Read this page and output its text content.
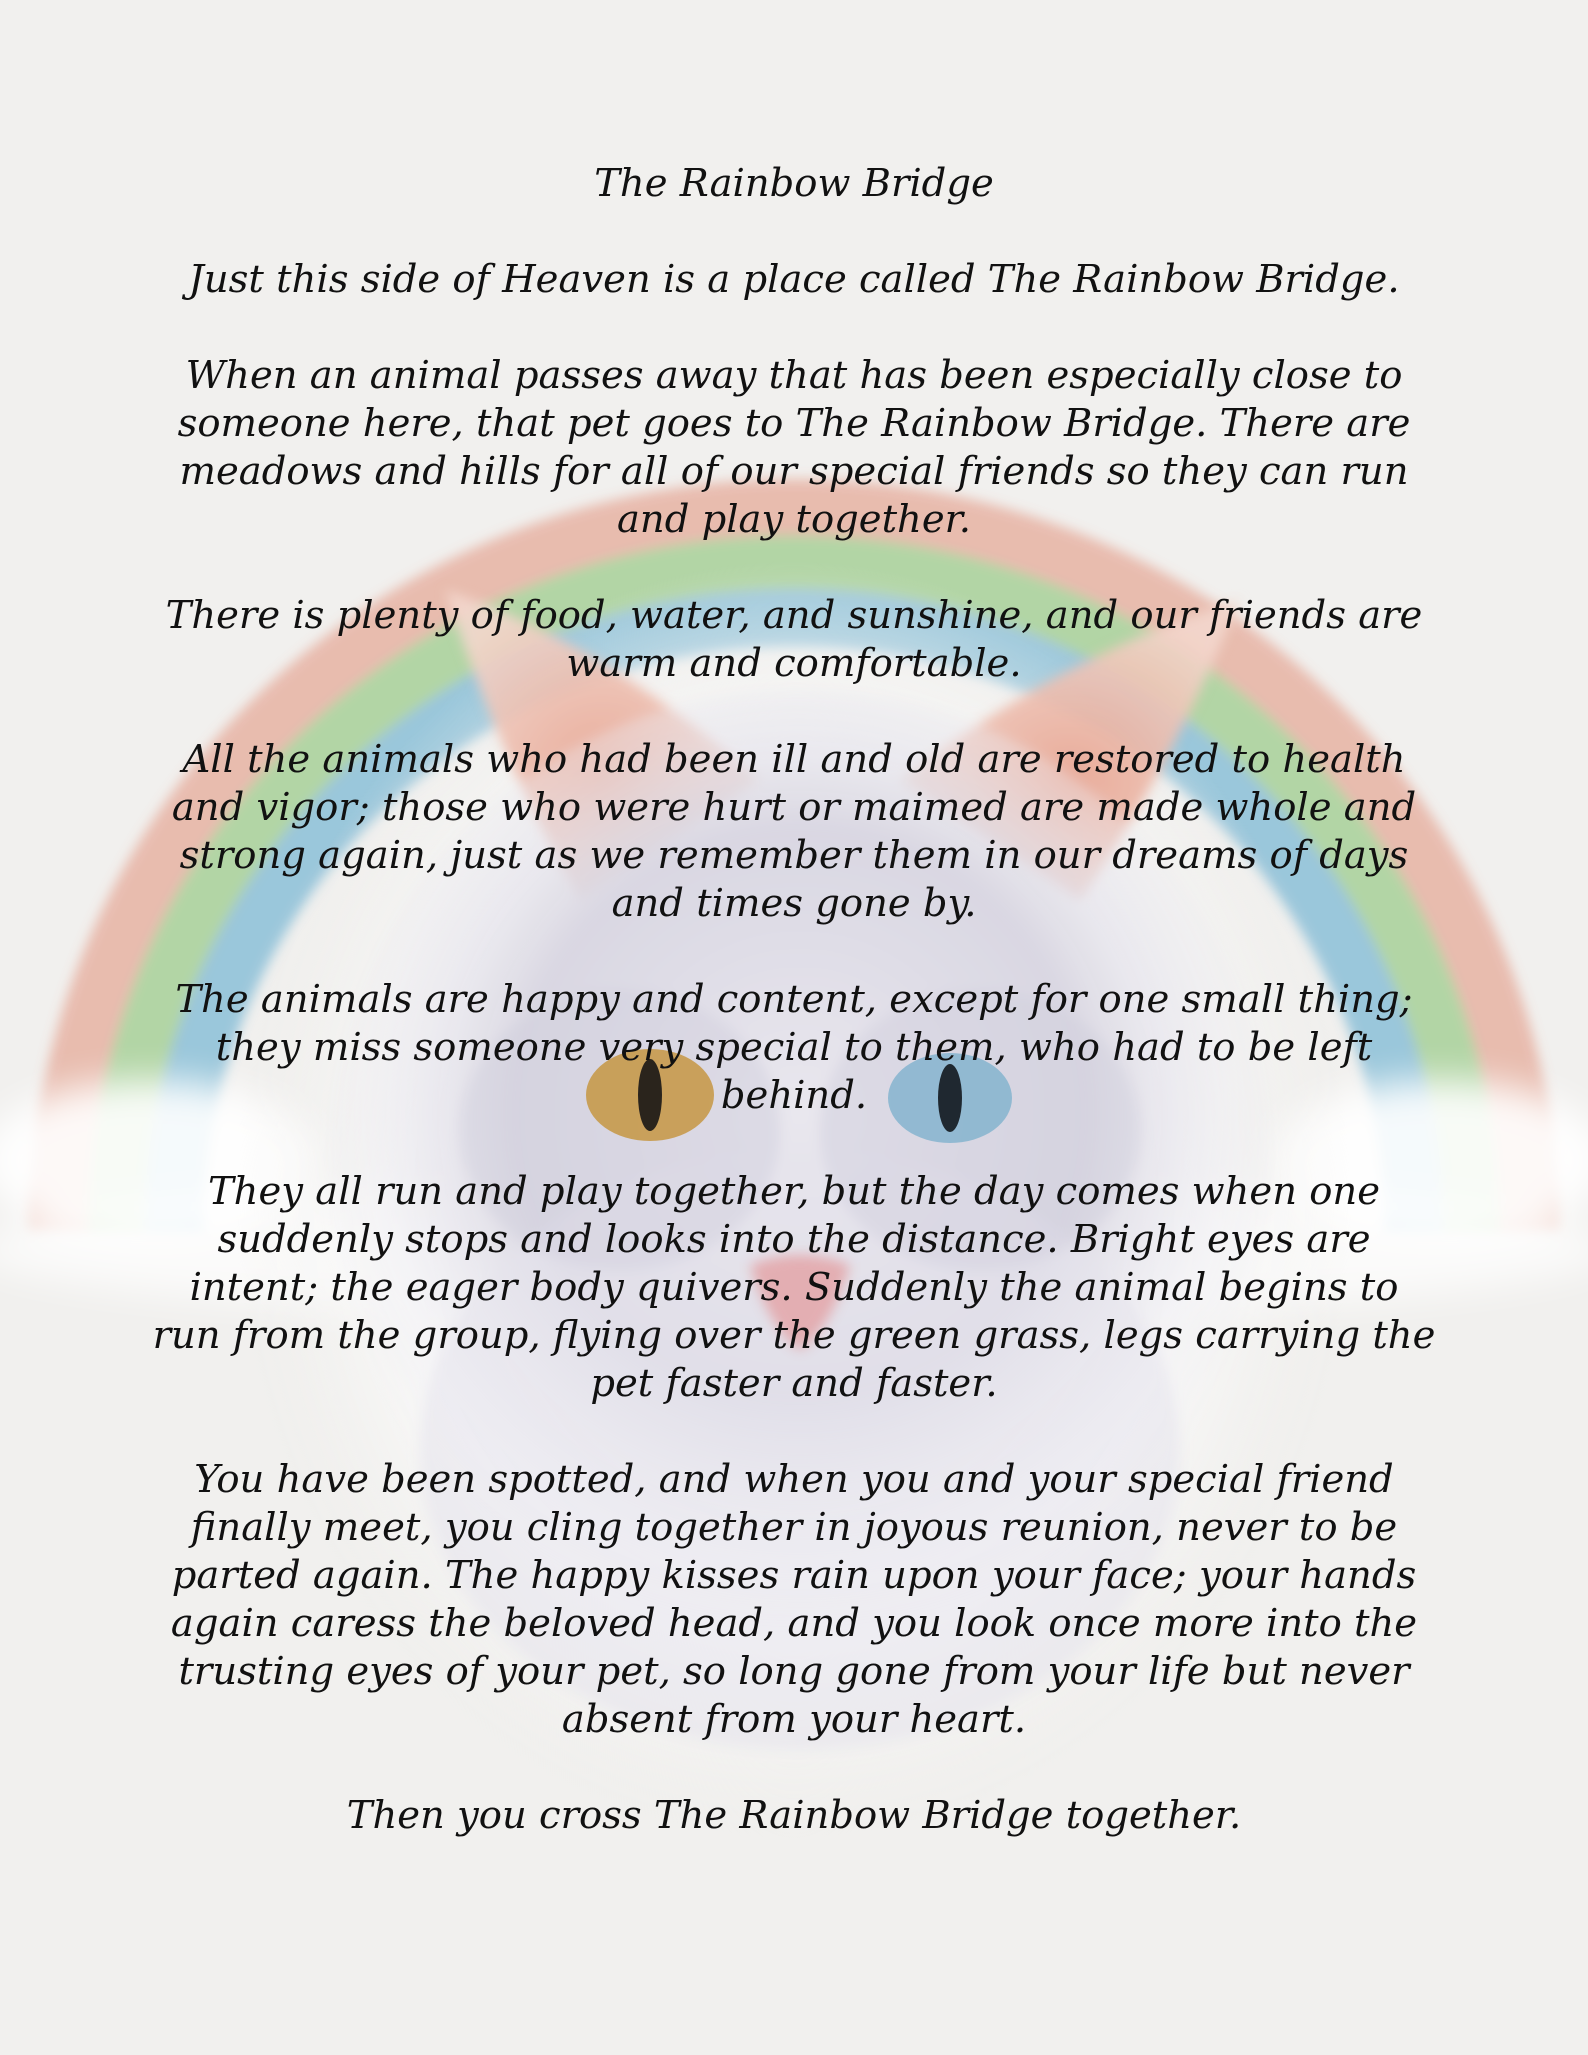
The Rainbow Bridge
Just this side of Heaven is a place called The Rainbow Bridge.
When an animal passes away that has been especially close to
someone here, that pet goes to The Rainbow Bridge. There are
meadows and hills for all of our special friends so they can run
and play together.
There is plenty of food, water, and sunshine, and our friends are
warm and comfortable.
All the animals who had been ill and old are restored to health
and vigor; those who were hurt or maimed are made whole and
strong again, just as we remember them in our dreams of days
and times gone by.
The animals are happy and content, except for one small thing;
they miss someone very special to them, who had to be left
behind.
They all run and play together, but the day comes when one
suddenly stops and looks into the distance. Bright eyes are
intent; the eager body quivers. Suddenly the animal begins to
run from the group, flying over the green grass, legs carrying the
pet faster and faster.
You have been spotted, and when you and your special friend
finally meet, you cling together in joyous reunion, never to be
parted again. The happy kisses rain upon your face; your hands
again caress the beloved head, and you look once more into the
trusting eyes of your pet, so long gone from your life but never
absent from your heart.
Then you cross The Rainbow Bridge together.
